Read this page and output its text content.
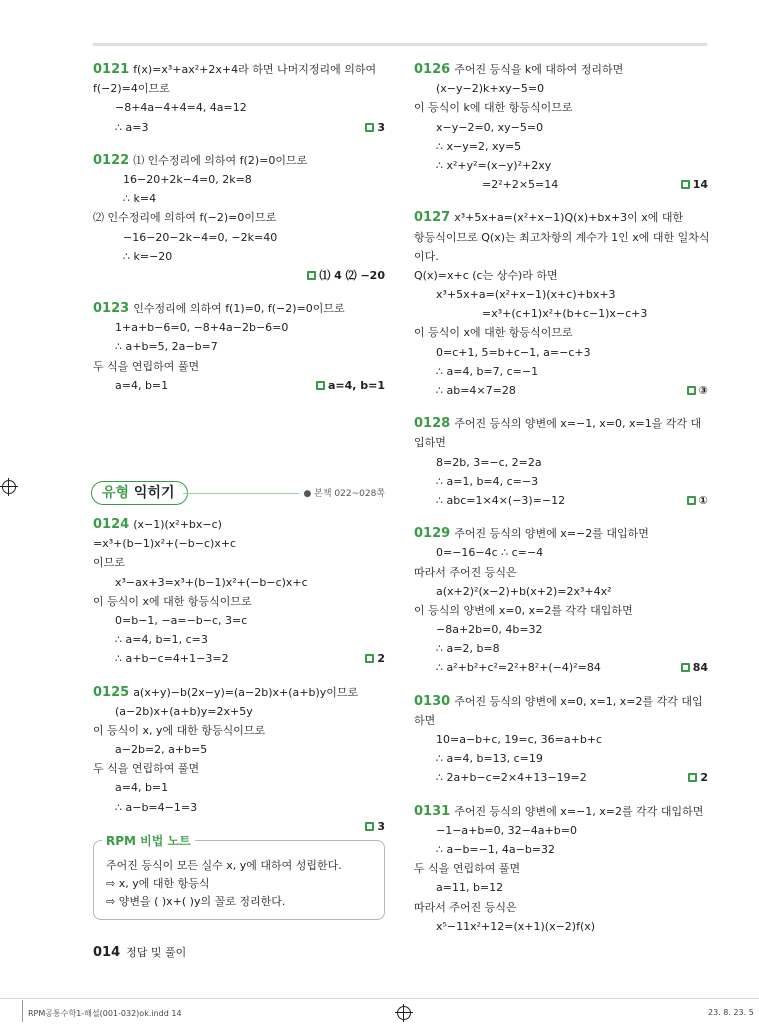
0121 f(x)=x³+ax²+2x+4라 하면 나머지정리에 의하여
f(−2)=4이므로
−8+4a−4+4=4, 4a=12
∴ a=3	3
0122 ⑴ 인수정리에 의하여 f(2)=0이므로
16−20+2k−4=0, 2k=8
∴ k=4
⑵ 인수정리에 의하여 f(−2)=0이므로
−16−20−2k−4=0, −2k=40
∴ k=−20
⑴ 4 ⑵ −20
0123 인수정리에 의하여 f(1)=0, f(−2)=0이므로
1+a+b−6=0, −8+4a−2b−6=0
∴ a+b=5, 2a−b=7
두 식을 연립하여 풀면
a=4, b=1	a=4, b=1
유형 익히기	● 본책 022~028쪽
0124 (x−1)(x²+bx−c)
=x³+(b−1)x²+(−b−c)x+c
이므로
x³−ax+3=x³+(b−1)x²+(−b−c)x+c
이 등식이 x에 대한 항등식이므로
0=b−1, −a=−b−c, 3=c
∴ a=4, b=1, c=3
∴ a+b−c=4+1−3=2	2
0125 a(x+y)−b(2x−y)=(a−2b)x+(a+b)y이므로
(a−2b)x+(a+b)y=2x+5y
이 등식이 x, y에 대한 항등식이므로
a−2b=2, a+b=5
두 식을 연립하여 풀면
a=4, b=1
∴ a−b=4−1=3
3
RPM 비법 노트
주어진 등식이 모든 실수 x, y에 대하여 성립한다.
⇨ x, y에 대한 항등식
⇨ 양변을 ( )x+( )y의 꼴로 정리한다.
0126 주어진 등식을 k에 대하여 정리하면
(x−y−2)k+xy−5=0
이 등식이 k에 대한 항등식이므로
x−y−2=0, xy−5=0
∴ x−y=2, xy=5
∴ x²+y²=(x−y)²+2xy
=2²+2×5=14	14
0127 x³+5x+a=(x²+x−1)Q(x)+bx+3이 x에 대한
항등식이므로 Q(x)는 최고차항의 계수가 1인 x에 대한 일차식
이다.
Q(x)=x+c (c는 상수)라 하면
x³+5x+a=(x²+x−1)(x+c)+bx+3
=x³+(c+1)x²+(b+c−1)x−c+3
이 등식이 x에 대한 항등식이므로
0=c+1, 5=b+c−1, a=−c+3
∴ a=4, b=7, c=−1
∴ ab=4×7=28	③
0128 주어진 등식의 양변에 x=−1, x=0, x=1을 각각 대
입하면
8=2b, 3=−c, 2=2a
∴ a=1, b=4, c=−3
∴ abc=1×4×(−3)=−12	①
0129 주어진 등식의 양변에 x=−2를 대입하면
0=−16−4c ∴ c=−4
따라서 주어진 등식은
a(x+2)²(x−2)+b(x+2)=2x³+4x²
이 등식의 양변에 x=0, x=2를 각각 대입하면
−8a+2b=0, 4b=32
∴ a=2, b=8
∴ a²+b²+c²=2²+8²+(−4)²=84	84
0130 주어진 등식의 양변에 x=0, x=1, x=2를 각각 대입
하면
10=a−b+c, 19=c, 36=a+b+c
∴ a=4, b=13, c=19
∴ 2a+b−c=2×4+13−19=2	2
0131 주어진 등식의 양변에 x=−1, x=2를 각각 대입하면
−1−a+b=0, 32−4a+b=0
∴ a−b=−1, 4a−b=32
두 식을 연립하여 풀면
a=11, b=12
따라서 주어진 등식은
x⁵−11x²+12=(x+1)(x−2)f(x)
014 정답 및 풀이
RPM공통수학1-해설(001-032)ok.indd 14	23. 8. 23. 5
